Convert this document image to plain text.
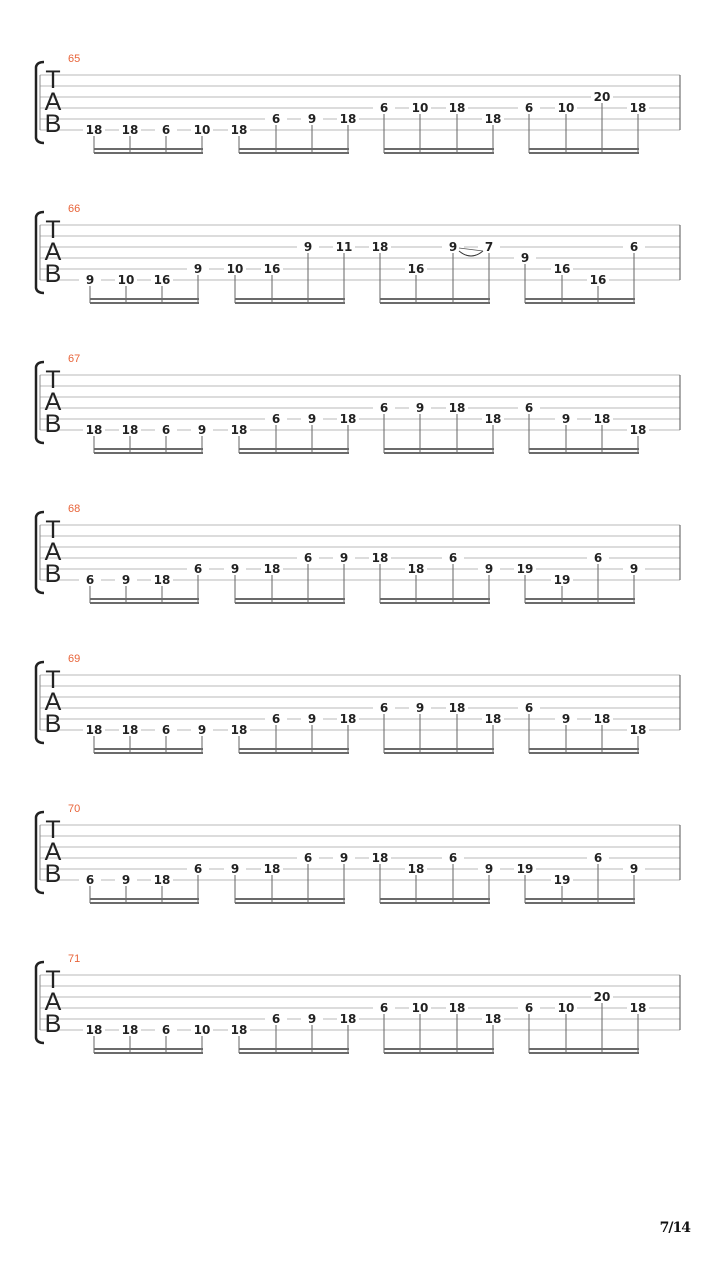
T
A
B
65
18 18 6 10 18
6 9 18
6 10 18
18
6 10
20
18
T
A
B
66
9 10 16
9 10 16
9 11 18
16
9 7
9
16
16
6
T
A
B
67
18 18 6 9 18
6 9 18
6 9 18
18
6
9 18
18
T
A
B
68
6 9 18
6 9 18
6 9 18
18
6
9 19
19
6
9
T
A
B
69
18 18 6 9 18
6 9 18
6 9 18
18
6
9 18
18
T
A
B
70
6 9 18
6 9 18
6 9 18
18
6
9 19
19
6
9
T
A
B
71
18 18 6 10 18
6 9 18
6 10 18
18
6 10
20
18
7/14
